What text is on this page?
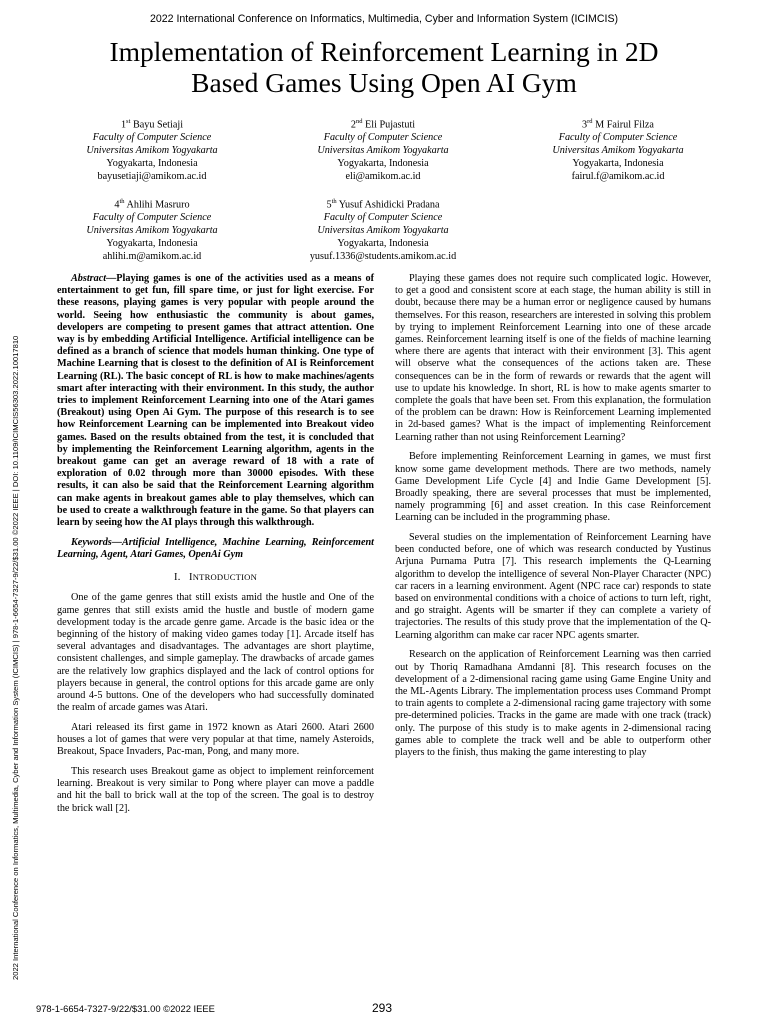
2022 International Conference on Informatics, Multimedia, Cyber and Information System (ICIMCIS)
Implementation of Reinforcement Learning in 2D
Based Games Using Open AI Gym
1st Bayu Setiaji
Faculty of Computer Science
Universitas Amikom Yogyakarta
Yogyakarta, Indonesia
bayusetiaji@amikom.ac.id
2nd Eli Pujastuti
Faculty of Computer Science
Universitas Amikom Yogyakarta
Yogyakarta, Indonesia
eli@amikom.ac.id
3rd M Fairul Filza
Faculty of Computer Science
Universitas Amikom Yogyakarta
Yogyakarta, Indonesia
fairul.f@amikom.ac.id
4th Ahlihi Masruro
Faculty of Computer Science
Universitas Amikom Yogyakarta
Yogyakarta, Indonesia
ahlihi.m@amikom.ac.id
5th Yusuf Ashidicki Pradana
Faculty of Computer Science
Universitas Amikom Yogyakarta
Yogyakarta, Indonesia
yusuf.1336@students.amikom.ac.id
2022 International Conference on Informatics, Multimedia, Cyber and Information System (ICIMCIS) | 978-1-6654-7327-9/22/$31.00 ©2022 IEEE | DOI: 10.1109/ICIMCIS56303.2022.10017810

Abstract—Playing games is one of the activities used as a means of entertainment to get fun, fill spare time, or just for light exercise. For these reasons, playing games is very popular with people around the world. Seeing how enthusiastic the community is about games, developers are competing to present games that attract attention. One way is by embedding Artificial Intelligence. Artificial intelligence can be defined as a branch of science that models human thinking. One type of Machine Learning that is closest to the definition of AI is Reinforcement Learning (RL). The basic concept of RL is how to make machines/agents smart after interacting with their environment. In this study, the author tries to implement Reinforcement Learning into one of the Atari games (Breakout) using Open Ai Gym. The purpose of this research is to see how Reinforcement Learning can be implemented into Breakout video games. Based on the results obtained from the test, it is concluded that by implementing the Reinforcement Learning algorithm, agents in the breakout game can get an average reward of 18 with a rate of exploration of 0.02 through more than 30000 episodes. With these results, it can also be said that the Reinforcement Learning algorithm can make agents in breakout games able to play themselves, which can be used to create a walkthrough feature in the game. So that players can learn by seeing how the AI plays through this walkthrough.

Keywords—Artificial Intelligence, Machine Learning, Reinforcement Learning, Agent, Atari Games, OpenAi Gym

I. INTRODUCTION

One of the game genres that still exists amid the hustle and One of the game genres that still exists amid the hustle and bustle of modern game development today is the arcade genre game. Arcade is the basic idea or the beginning of the history of making video games today [1]. Arcade itself has several advantages and disadvantages. The advantages are short playtime, consistent challenges, and simple gameplay. The drawbacks of arcade games are the relatively low graphics displayed and the lack of control options for players because in general, the control options for this arcade game are only around 4-5 buttons. One of the developers who had successfully dominated the realm of arcade games was Atari.

Atari released its first game in 1972 known as Atari 2600. Atari 2600 houses a lot of games that were very popular at that time, namely Asteroids, Breakout, Space Invaders, Pac-man, Pong, and many more.

This research uses Breakout game as object to implement reinforcement learning. Breakout is very similar to Pong where player can move a paddle and hit the ball to brick wall at the top of the screen. The goal is to destroy the brick wall [2].

Playing these games does not require such complicated logic. However, to get a good and consistent score at each stage, the human ability is still in doubt, because there may be a human error or negligence caused by humans themselves. For this reason, researchers are interested in solving this problem by trying to implement Reinforcement Learning into one of these arcade games. Reinforcement learning itself is one of the fields of machine learning where there are agents that interact with their environment [3]. This agent will observe what the consequences of the actions taken are. These consequences can be in the form of rewards or rewards that the agent will use to update his knowledge. In short, RL is how to make agents smarter to complete the goals that have been set. From this explanation, the formulation of the problem can be drawn: How is Reinforcement Learning implemented in 2d-based games? What is the impact of implementing Reinforcement Learning rather than not using Reinforcement Learning?

Before implementing Reinforcement Learning in games, we must first know some game development methods. There are two methods, namely Game Development Life Cycle [4] and Indie Game Development [5]. Broadly speaking, there are several processes that must be implemented, namely programming [6] and asset creation. In this case Reinforcement Learning can be included in the programming phase.

Several studies on the implementation of Reinforcement Learning have been conducted before, one of which was research conducted by Yustinus Arjuna Purnama Putra [7]. This research implements the Q-Learning algorithm to develop the intelligence of several Non-Player Character (NPC) car racers in a learning environment. Agent (NPC race car) responds to state based on environmental conditions with a choice of actions to turn left, right, and go straight. Agents will be smarter if they can complete a variety of trajectories. The results of this study prove that the implementation of the Q-Learning algorithm can make car racer NPC agents smarter.

Research on the application of Reinforcement Learning was then carried out by Thoriq Ramadhana Amdanni [8]. This research focuses on the development of a 2-dimensional racing game using Game Engine Unity and the ML-Agents Library. The implementation process uses Command Prompt to train agents to complete a 2-dimensional racing game trajectory with some pre-determined policies. Tracks in the game are made with one track (track) only. The purpose of this study is to make agents in 2-dimensional racing games able to complete the track well and be able to outperform other players to the finish, thus making the game interesting to play

978-1-6654-7327-9/22/$31.00 ©2022 IEEE	293
